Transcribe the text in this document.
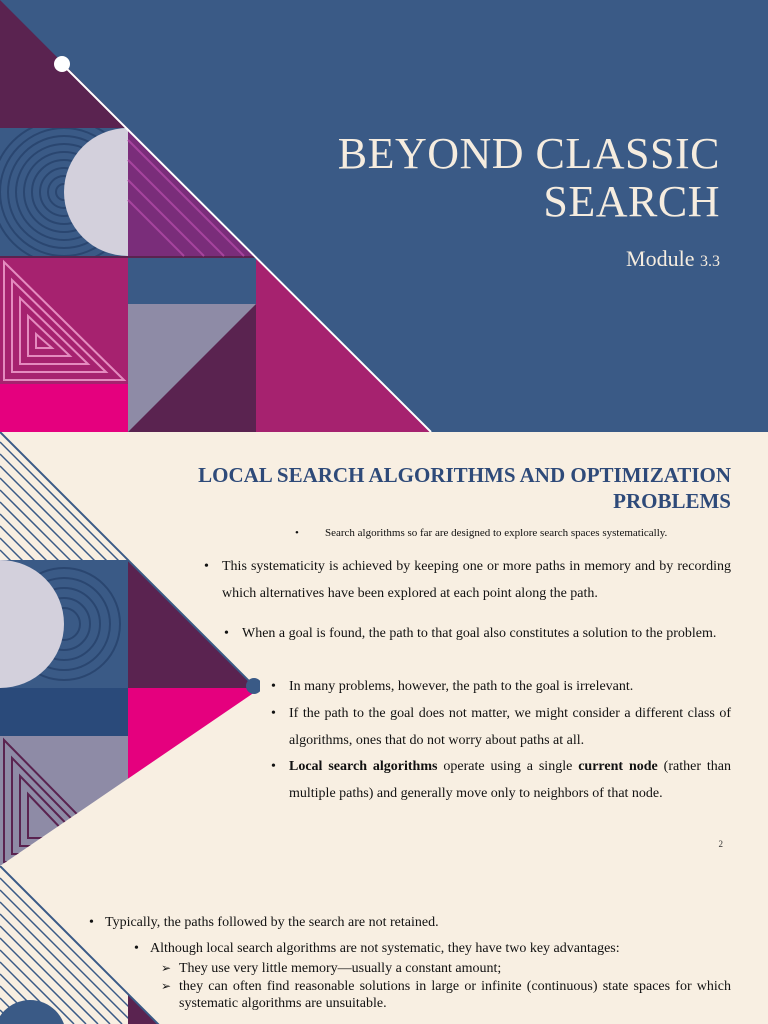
BEYOND CLASSIC
SEARCH
Module 3.3
LOCAL SEARCH ALGORITHMS AND OPTIMIZATION
PROBLEMS
• Search algorithms so far are designed to explore search spaces systematically.
• This systematicity is achieved by keeping one or more paths in memory and by recording which alternatives have been explored at each point along the path.
• When a goal is found, the path to that goal also constitutes a solution to the problem.
• In many problems, however, the path to the goal is irrelevant.
• If the path to the goal does not matter, we might consider a different class of algorithms, ones that do not worry about paths at all.
• Local search algorithms operate using a single current node (rather than multiple paths) and generally move only to neighbors of that node.
2
• Typically, the paths followed by the search are not retained.
• Although local search algorithms are not systematic, they have two key advantages:
➢ They use very little memory—usually a constant amount;
➢ they can often find reasonable solutions in large or infinite (continuous) state spaces for which systematic algorithms are unsuitable.
